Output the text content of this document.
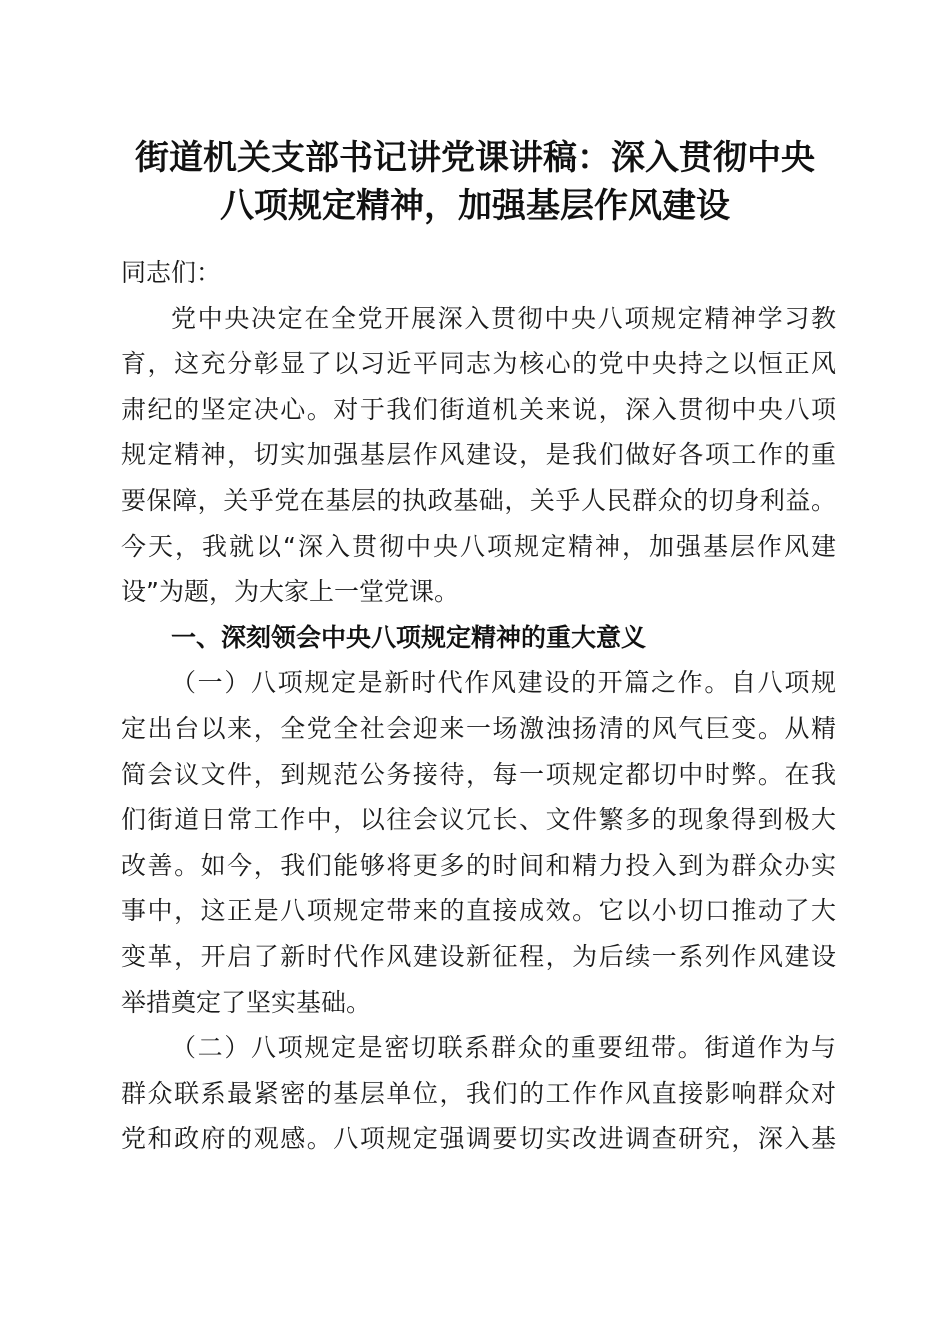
街道机关支部书记讲党课讲稿：深入贯彻中央
八项规定精神，加强基层作风建设
同志们：
党中央决定在全党开展深入贯彻中央八项规定精神学习教
育，这充分彰显了以习近平同志为核心的党中央持之以恒正风
肃纪的坚定决心。对于我们街道机关来说，深入贯彻中央八项
规定精神，切实加强基层作风建设，是我们做好各项工作的重
要保障，关乎党在基层的执政基础，关乎人民群众的切身利益。
今天，我就以“深入贯彻中央八项规定精神，加强基层作风建
设”为题，为大家上一堂党课。
一、深刻领会中央八项规定精神的重大意义
（一）八项规定是新时代作风建设的开篇之作。自八项规
定出台以来，全党全社会迎来一场激浊扬清的风气巨变。从精
简会议文件，到规范公务接待，每一项规定都切中时弊。在我
们街道日常工作中，以往会议冗长、文件繁多的现象得到极大
改善。如今，我们能够将更多的时间和精力投入到为群众办实
事中，这正是八项规定带来的直接成效。它以小切口推动了大
变革，开启了新时代作风建设新征程，为后续一系列作风建设
举措奠定了坚实基础。
（二）八项规定是密切联系群众的重要纽带。街道作为与
群众联系最紧密的基层单位，我们的工作作风直接影响群众对
党和政府的观感。八项规定强调要切实改进调查研究，深入基
